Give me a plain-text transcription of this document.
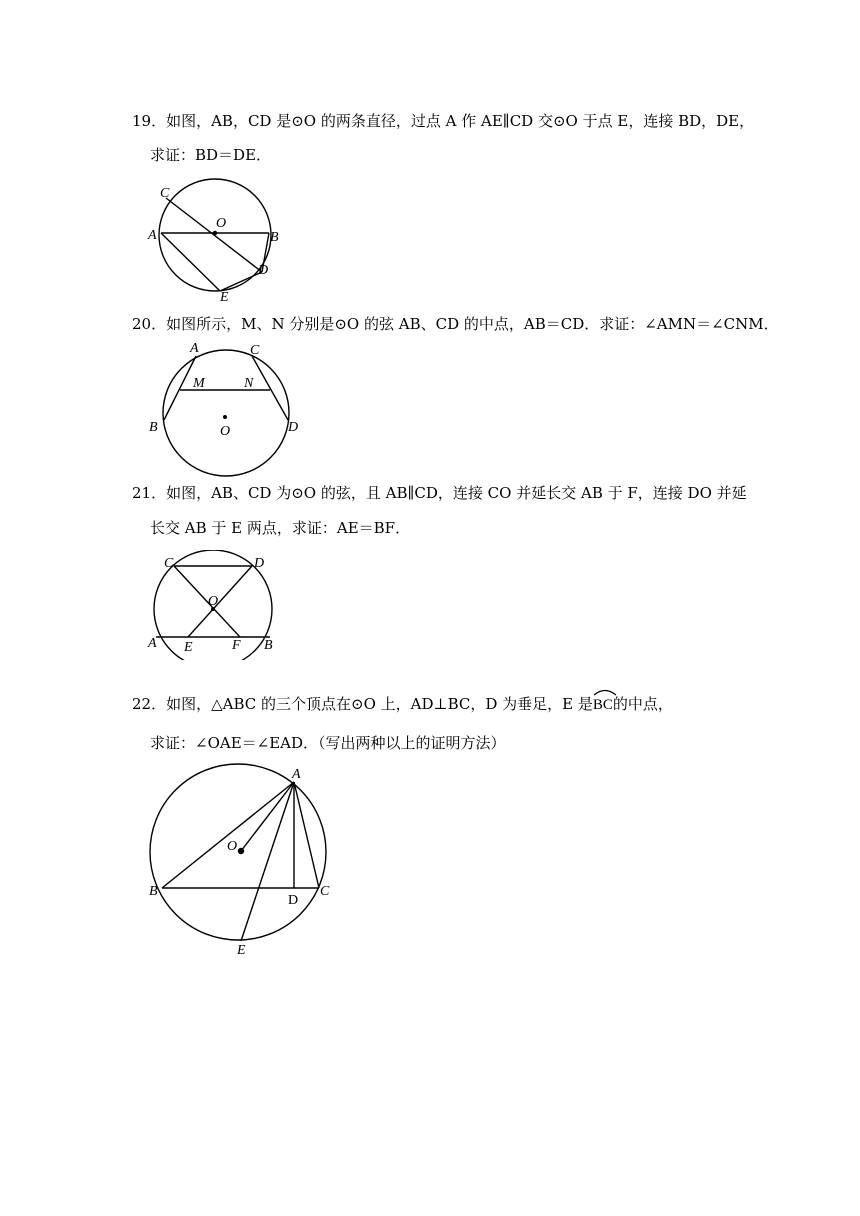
19．如图，AB，CD 是⊙O 的两条直径，过点 A 作 AE∥CD 交⊙O 于点 E，连接 BD，DE，
求证：BD＝DE．
C
O
A	B
D
E
20．如图所示，M、N 分别是⊙O 的弦 AB、CD 的中点，AB＝CD．求证：∠AMN＝∠CNM．
A	C
M	N
B	O	D
21．如图，AB、CD 为⊙O 的弦，且 AB∥CD，连接 CO 并延长交 AB 于 F，连接 DO 并延
长交 AB 于 E 两点，求证：AE＝BF．
C	D
O
A E	F B
22．如图，△ABC 的三个顶点在⊙O 上，AD⊥BC，D 为垂足，E 是
BC的中点，
求证：∠OAE＝∠EAD．（写出两种以上的证明方法）
A
O
B
D
C
E
